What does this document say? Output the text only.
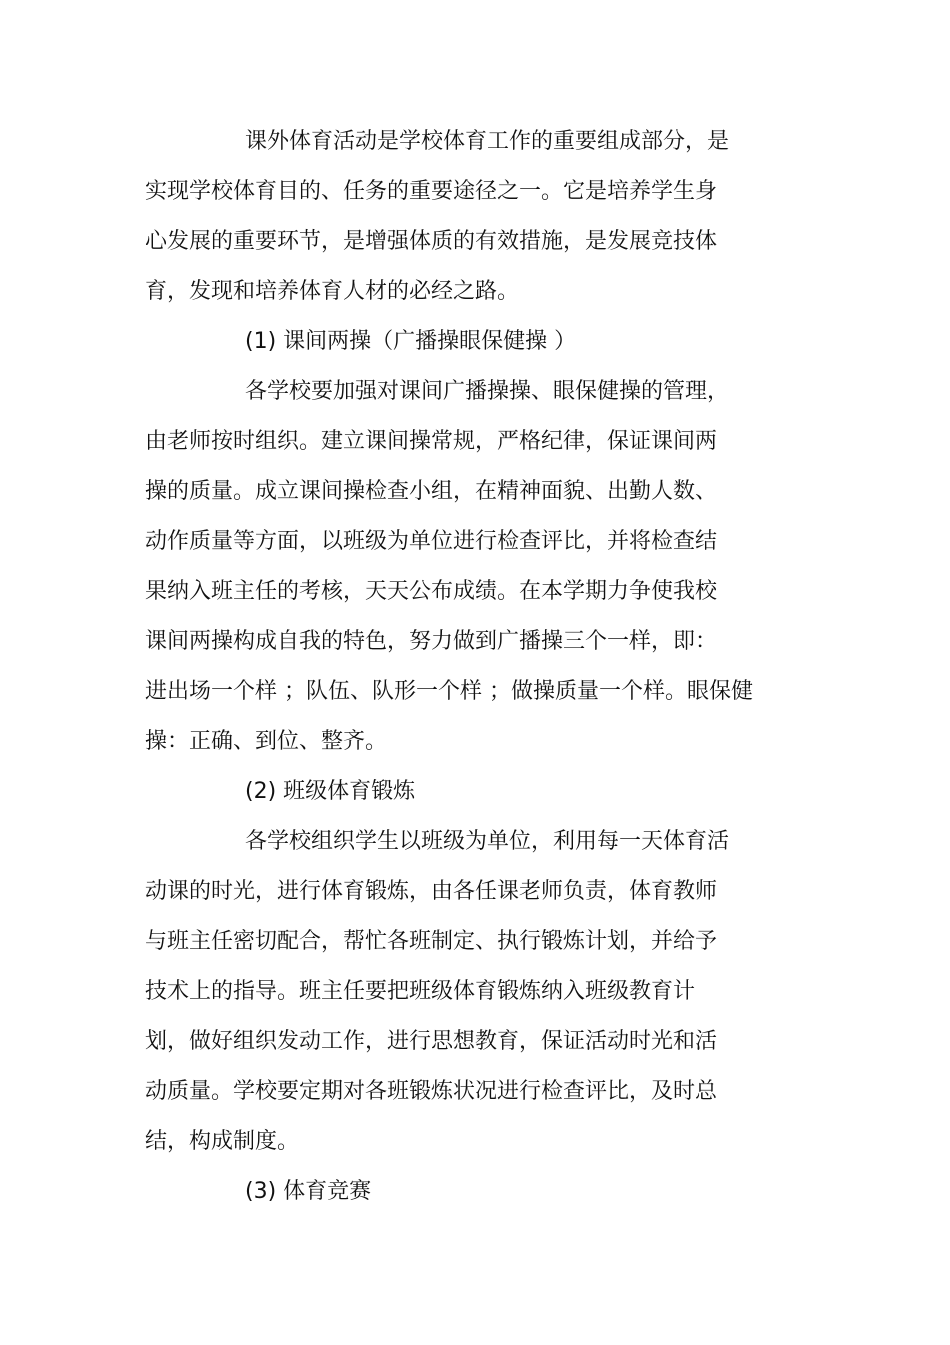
课外体育活动是学校体育工作的重要组成部分，是

实现学校体育目的、任务的重要途径之一。它是培养学生身

心发展的重要环节，是增强体质的有效措施，是发展竞技体

育，发现和培养体育人材的必经之路。

(1) 课间两操（广播操眼保健操 ）

各学校要加强对课间广播操操、眼保健操的管理，

由老师按时组织。建立课间操常规，严格纪律，保证课间两

操的质量。成立课间操检查小组，在精神面貌、出勤人数、

动作质量等方面，以班级为单位进行检查评比，并将检查结

果纳入班主任的考核，天天公布成绩。在本学期力争使我校

课间两操构成自我的特色，努力做到广播操三个一样，即：

进出场一个样 ；队伍、队形一个样 ；做操质量一个样。眼保健

操：正确、到位、整齐。

(2) 班级体育锻炼

各学校组织学生以班级为单位，利用每一天体育活

动课的时光，进行体育锻炼，由各任课老师负责，体育教师

与班主任密切配合，帮忙各班制定、执行锻炼计划，并给予

技术上的指导。班主任要把班级体育锻炼纳入班级教育计

划，做好组织发动工作，进行思想教育，保证活动时光和活

动质量。学校要定期对各班锻炼状况进行检查评比，及时总

结，构成制度。

(3) 体育竞赛
